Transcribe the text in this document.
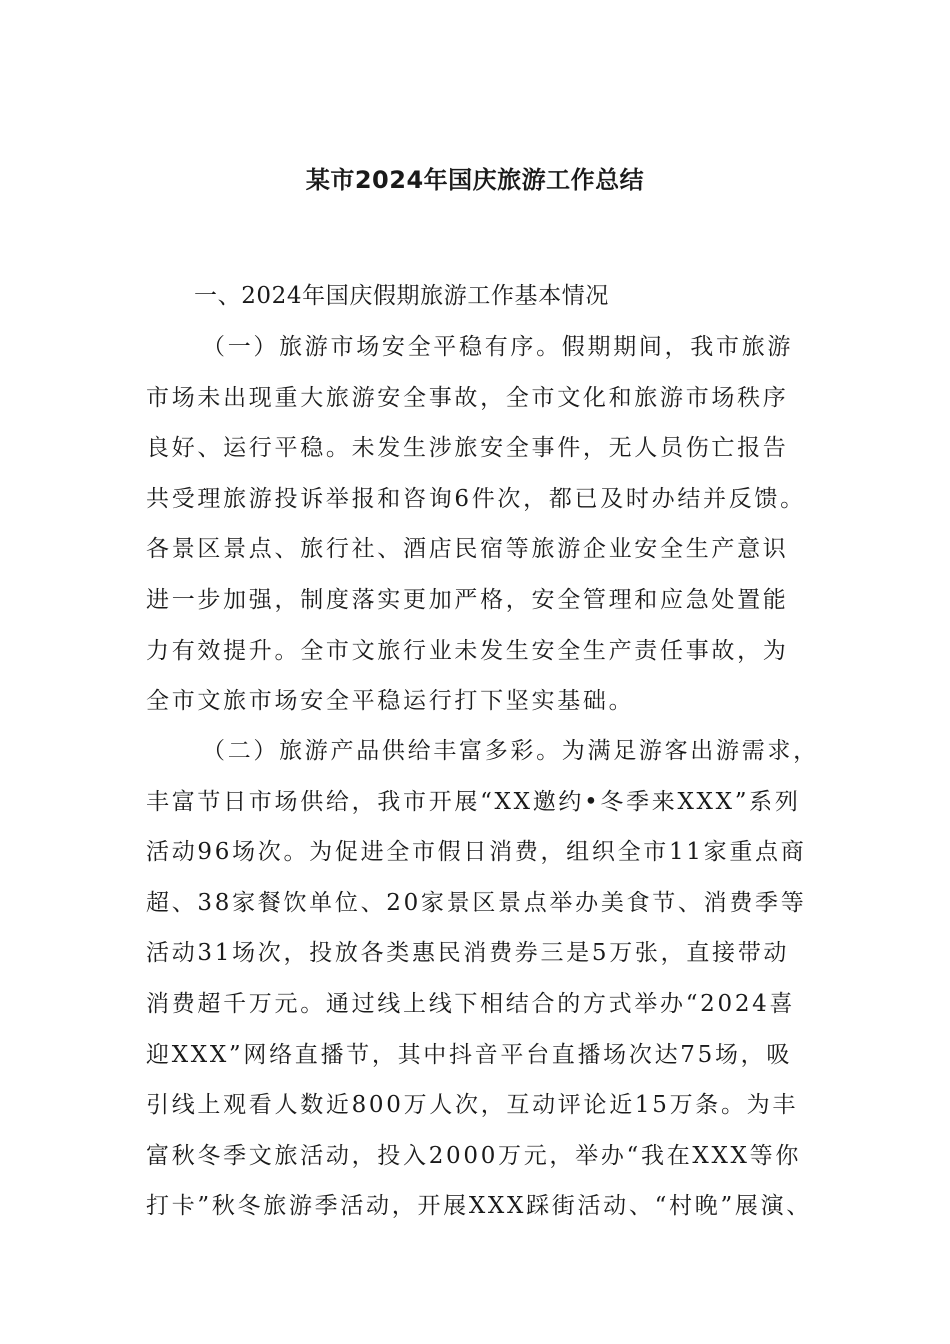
某市2024年国庆旅游工作总结
一、2024年国庆假期旅游工作基本情况
（一）旅游市场安全平稳有序。假期期间，我市旅游
市场未出现重大旅游安全事故，全市文化和旅游市场秩序
良好、运行平稳。未发生涉旅安全事件，无人员伤亡报告
共受理旅游投诉举报和咨询6件次，都已及时办结并反馈。
各景区景点、旅行社、酒店民宿等旅游企业安全生产意识
进一步加强，制度落实更加严格，安全管理和应急处置能
力有效提升。全市文旅行业未发生安全生产责任事故，为
全市文旅市场安全平稳运行打下坚实基础。
（二）旅游产品供给丰富多彩。为满足游客出游需求，
丰富节日市场供给，我市开展“XX邀约•冬季来XXX”系列
活动96场次。为促进全市假日消费，组织全市11家重点商
超、38家餐饮单位、20家景区景点举办美食节、消费季等
活动31场次，投放各类惠民消费券三是5万张，直接带动
消费超千万元。通过线上线下相结合的方式举办“2024喜
迎XXX”网络直播节，其中抖音平台直播场次达75场，吸
引线上观看人数近800万人次，互动评论近15万条。为丰
富秋冬季文旅活动，投入2000万元，举办“我在XXX等你
打卡”秋冬旅游季活动，开展XXX踩街活动、“村晚”展演、
